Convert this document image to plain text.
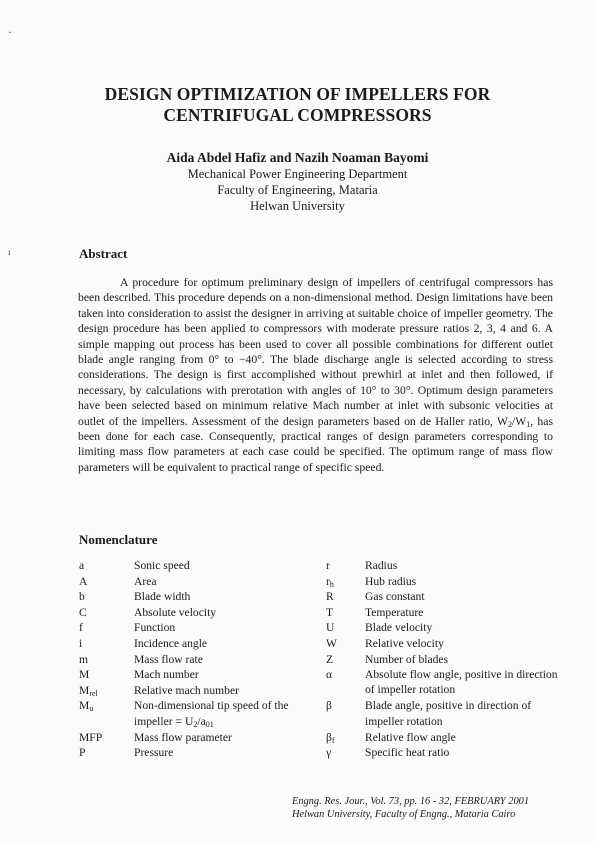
·
ⁱ
DESIGN OPTIMIZATION OF IMPELLERS FOR
CENTRIFUGAL COMPRESSORS
Aida Abdel Hafiz and Nazih Noaman Bayomi
Mechanical Power Engineering Department
Faculty of Engineering, Mataria
Helwan University
Abstract

A procedure for optimum preliminary design of impellers of centrifugal compressors has been described. This procedure depends on a non-dimensional method. Design limitations have been taken into consideration to assist the designer in arriving at suitable choice of impeller geometry. The design procedure has been applied to compressors with moderate pressure ratios 2, 3, 4 and 6. A simple mapping out process has been used to cover all possible combinations for different outlet blade angle ranging from 0° to −40°. The blade discharge angle is selected according to stress considerations. The design is first accomplished without prewhirl at inlet and then followed, if necessary, by calculations with prerotation with angles of 10° to 30°. Optimum design parameters have been selected based on minimum relative Mach number at inlet with subsonic velocities at outlet of the impellers. Assessment of the design parameters based on de Haller ratio, $W_2/W_1$, has been done for each case. Consequently, practical ranges of design parameters corresponding to limiting mass flow parameters at each case could be specified. The optimum range of mass flow parameters will be equivalent to practical range of specific speed.

Nomenclature
a	Sonic speed
A	Area
b	Blade width
C	Absolute velocity
f	Function
i	Incidence angle
m	Mass flow rate
M	Mach number
$M_{rel}$	Relative mach number
$M_u$	Non-dimensional tip speed of the impeller = $U_2/a_{01}$
MFP	Mass flow parameter
P	Pressure
r	Radius
$r_h$	Hub radius
R	Gas constant
T	Temperature
U	Blade velocity
W Relative velocity
Z	Number of blades
α	Absolute flow angle, positive in direction of impeller rotation
β	Blade angle, positive in direction of impeller rotation
$\beta_f$	Relative flow angle
γ	Specific heat ratio
Engng. Res. Jour., Vol. 73, pp. 16 - 32, FEBRUARY 2001
Helwan University, Faculty of Engng., Mataria Cairo
